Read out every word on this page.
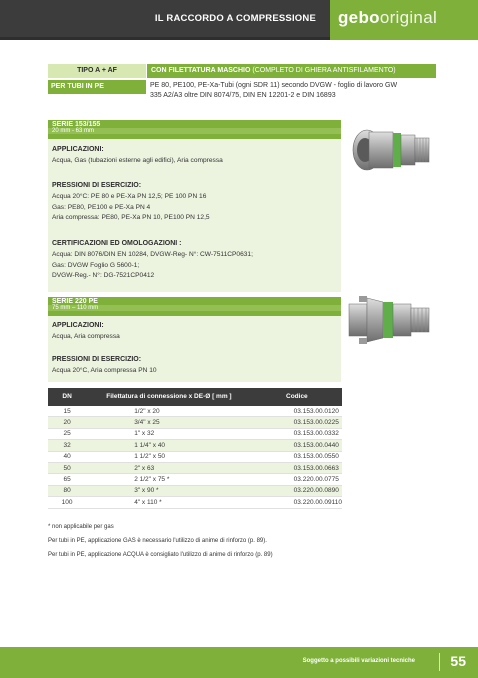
IL RACCORDO A COMPRESSIONE gebooriginal
TIPO A + AF	CON FILETTATURA MASCHIO (COMPLETO DI GHIERA ANTISFILAMENTO)
PER TUBI IN PE	PE 80, PE100, PE-Xa-Tubi (ogni SDR 11) secondo DVGW - foglio di lavoro GW
335 A2/A3 oltre DIN 8074/75, DIN EN 12201-2 e DIN 16893
SERIE 153/155
20 mm - 63 mm
APPLICAZIONI:
Acqua, Gas (tubazioni esterne agli edifici), Aria compressa
PRESSIONI DI ESERCIZIO:
Acqua 20°C: PE 80 e PE-Xa PN 12,5; PE 100 PN 16
Gas: PE80, PE100 e PE-Xa PN 4
Aria compressa: PE80, PE-Xa PN 10, PE100 PN 12,5
CERTIFICAZIONI ED OMOLOGAZIONI :
Acqua: DIN 8076/DIN EN 10284, DVGW-Reg- N°: CW-7511CP0631;
Gas: DVGW Foglio G 5600-1;
DVGW-Reg.- N°: DG-7521CP0412
SERIE 220 PE
75 mm – 110 mm
APPLICAZIONI:
Acqua, Aria compressa
PRESSIONI DI ESERCIZIO:
Acqua 20°C, Aria compressa PN 10
DN	Filettatura di connessione x DE-Ø [ mm ]	Codice
15	1/2" x 20	03.153.00.0120
20	3/4" x 25	03.153.00.0225
25	1" x 32	03.153.00.0332
32	1 1/4" x 40	03.153.00.0440
40	1 1/2" x 50	03.153.00.0550
50	2" x 63	03.153.00.0663
65	2 1/2" x 75 *	03.220.00.0775
80	3" x 90 *	03.220.00.0890
100	4" x 110 *	03.220.00.09110
* non applicabile per gas
Per tubi in PE, applicazione GAS è necessario l'utilizzo di anime di rinforzo (p. 89).
Per tubi in PE, applicazione ACQUA è consigliato l'utilizzo di anime di rinforzo (p. 89)
Soggetto a possibili variazioni tecniche	55
